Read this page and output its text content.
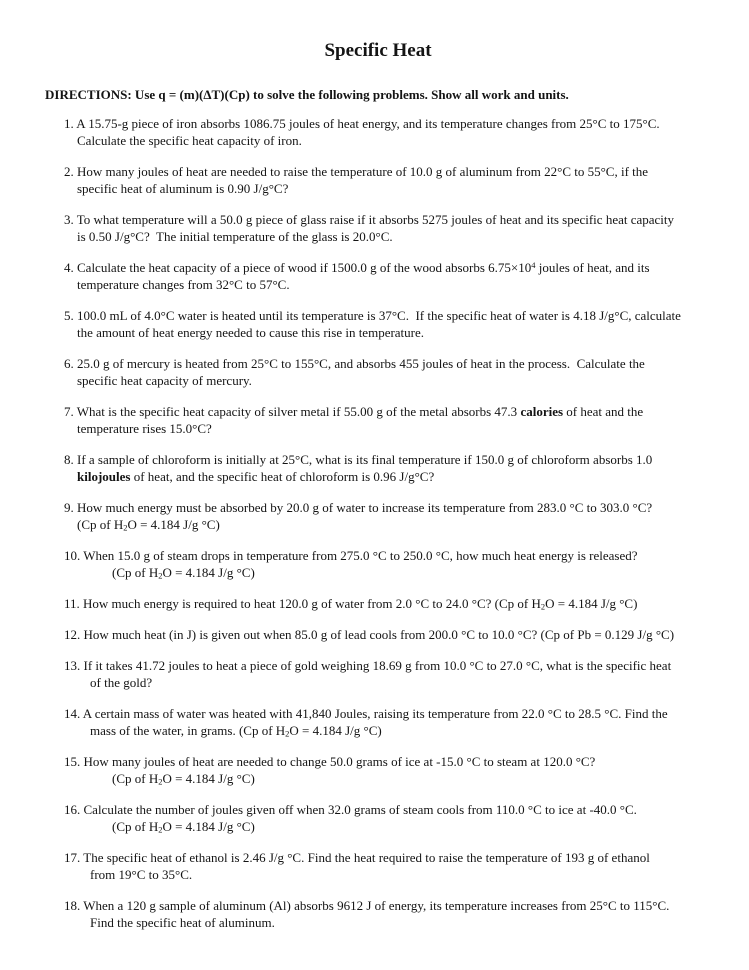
Specific Heat
DIRECTIONS: Use q = (m)(ΔT)(Cp) to solve the following problems. Show all work and units.
1. A 15.75-g piece of iron absorbs 1086.75 joules of heat energy, and its temperature changes from 25°C to 175°C.
Calculate the specific heat capacity of iron.
2. How many joules of heat are needed to raise the temperature of 10.0 g of aluminum from 22°C to 55°C, if the
specific heat of aluminum is 0.90 J/g°C?
3. To what temperature will a 50.0 g piece of glass raise if it absorbs 5275 joules of heat and its specific heat capacity
is 0.50 J/g°C?  The initial temperature of the glass is 20.0°C.
4. Calculate the heat capacity of a piece of wood if 1500.0 g of the wood absorbs $6.75\times 10^4$ joules of heat, and its
temperature changes from 32°C to 57°C.
5. 100.0 mL of 4.0°C water is heated until its temperature is 37°C.  If the specific heat of water is 4.18 J/g°C, calculate
the amount of heat energy needed to cause this rise in temperature.
6. 25.0 g of mercury is heated from 25°C to 155°C, and absorbs 455 joules of heat in the process.  Calculate the
specific heat capacity of mercury.
7. What is the specific heat capacity of silver metal if 55.00 g of the metal absorbs 47.3 calories of heat and the
temperature rises 15.0°C?
8. If a sample of chloroform is initially at 25°C, what is its final temperature if 150.0 g of chloroform absorbs 1.0
kilojoules of heat, and the specific heat of chloroform is 0.96 J/g°C?
9. How much energy must be absorbed by 20.0 g of water to increase its temperature from 283.0 °C to 303.0 °C?
(Cp of $H_2O = 4.184$ J/g °C)
10. When 15.0 g of steam drops in temperature from 275.0 °C to 250.0 °C, how much heat energy is released?
(Cp of $H_2O = 4.184$ J/g °C)
11. How much energy is required to heat 120.0 g of water from 2.0 °C to 24.0 °C? (Cp of $H_2O = 4.184$ J/g °C)
12. How much heat (in J) is given out when 85.0 g of lead cools from 200.0 °C to 10.0 °C? (Cp of Pb = 0.129 J/g °C)
13. If it takes 41.72 joules to heat a piece of gold weighing 18.69 g from 10.0 °C to 27.0 °C, what is the specific heat
of the gold?
14. A certain mass of water was heated with 41,840 Joules, raising its temperature from 22.0 °C to 28.5 °C. Find the
mass of the water, in grams. (Cp of $H_2O = 4.184$ J/g °C)
15. How many joules of heat are needed to change 50.0 grams of ice at -15.0 °C to steam at 120.0 °C?
(Cp of $H_2O = 4.184$ J/g °C)
16. Calculate the number of joules given off when 32.0 grams of steam cools from 110.0 °C to ice at -40.0 °C.
(Cp of $H_2O = 4.184$ J/g °C)
17. The specific heat of ethanol is 2.46 J/g °C. Find the heat required to raise the temperature of 193 g of ethanol
from 19°C to 35°C.
18. When a 120 g sample of aluminum (Al) absorbs 9612 J of energy, its temperature increases from 25°C to 115°C.
Find the specific heat of aluminum.
